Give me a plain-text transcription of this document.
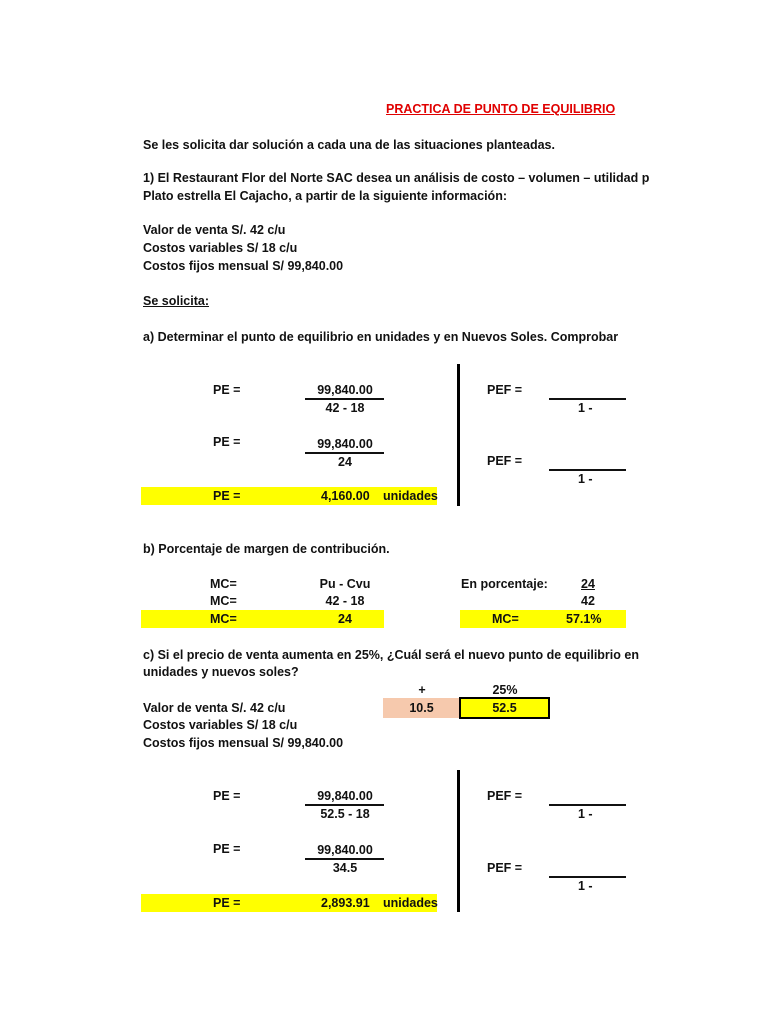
PRACTICA DE PUNTO DE EQUILIBRIO
Se les solicita dar solución a cada una de las situaciones planteadas.
1) El Restaurant Flor del Norte SAC desea un análisis de costo – volumen – utilidad p
Plato estrella El Cajacho, a partir de la siguiente información:
Valor de venta S/. 42 c/u
Costos variables S/ 18 c/u
Costos fijos mensual S/ 99,840.00
Se solicita:
a) Determinar el punto de equilibrio en unidades y en Nuevos Soles. Comprobar
PE =	99,840.00
42 - 18
PE =	99,840.00
24
PE =	4,160.00 unidades
PEF =
1 -
PEF =
1 -
b) Porcentaje de margen de contribución.
MC=	Pu - Cvu	En porcentaje:	24
MC=	42 - 18	42
MC=	24	MC=	57.1%
c) Si el precio de venta aumenta en 25%, ¿Cuál será el nuevo punto de equilibrio en
unidades y nuevos soles?
+	25%
Valor de venta S/. 42 c/u	10.5	52.5
Costos variables S/ 18 c/u
Costos fijos mensual S/ 99,840.00
PE =	99,840.00
52.5 - 18
PE =	99,840.00
34.5
PE =	2,893.91 unidades
PEF =
1 -
PEF =
1 -
